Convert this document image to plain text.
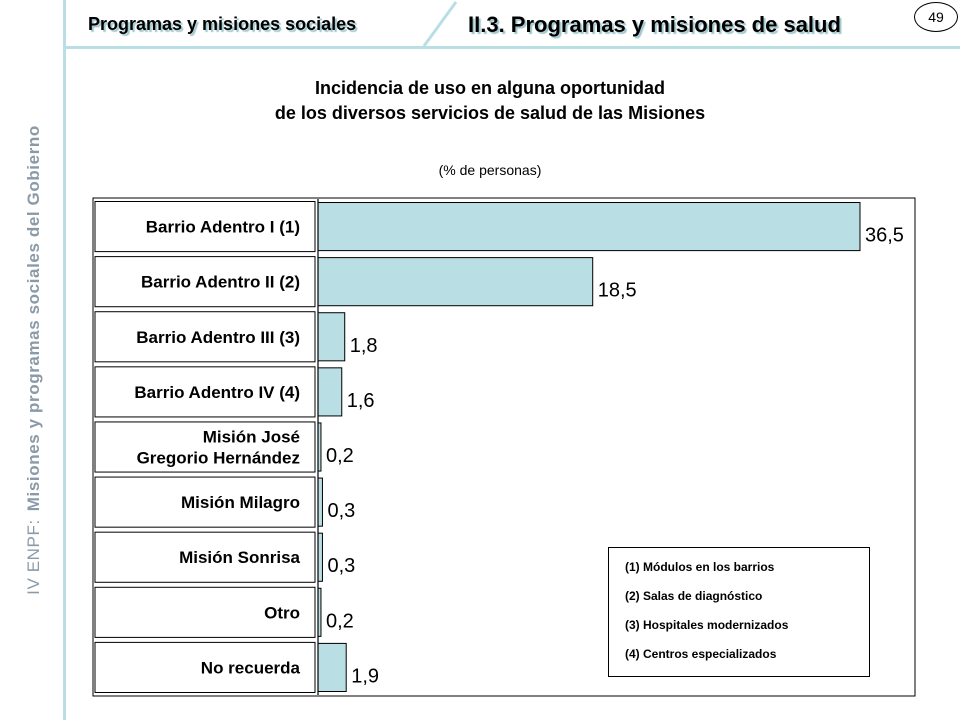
IV ENPF:Misiones y programas sociales del Gobierno
Programas y misiones sociales	II.3. Programas y misiones de salud	49
Incidencia de uso en alguna oportunidad
de los diversos servicios de salud de las Misiones
(% de personas)
Barrio Adentro I (1)	36,5
Barrio Adentro II (2)	18,5
Barrio Adentro III (3) 1,8
Barrio Adentro IV (4) 1,6
Misión José
Gregorio Hernández 0,2
Misión Milagro 0,3
Misión Sonrisa 0,3
Otro 0,2
No recuerda	1,9
(1) Módulos en los barrios
(2) Salas de diagnóstico
(3) Hospitales modernizados
(4) Centros especializados
